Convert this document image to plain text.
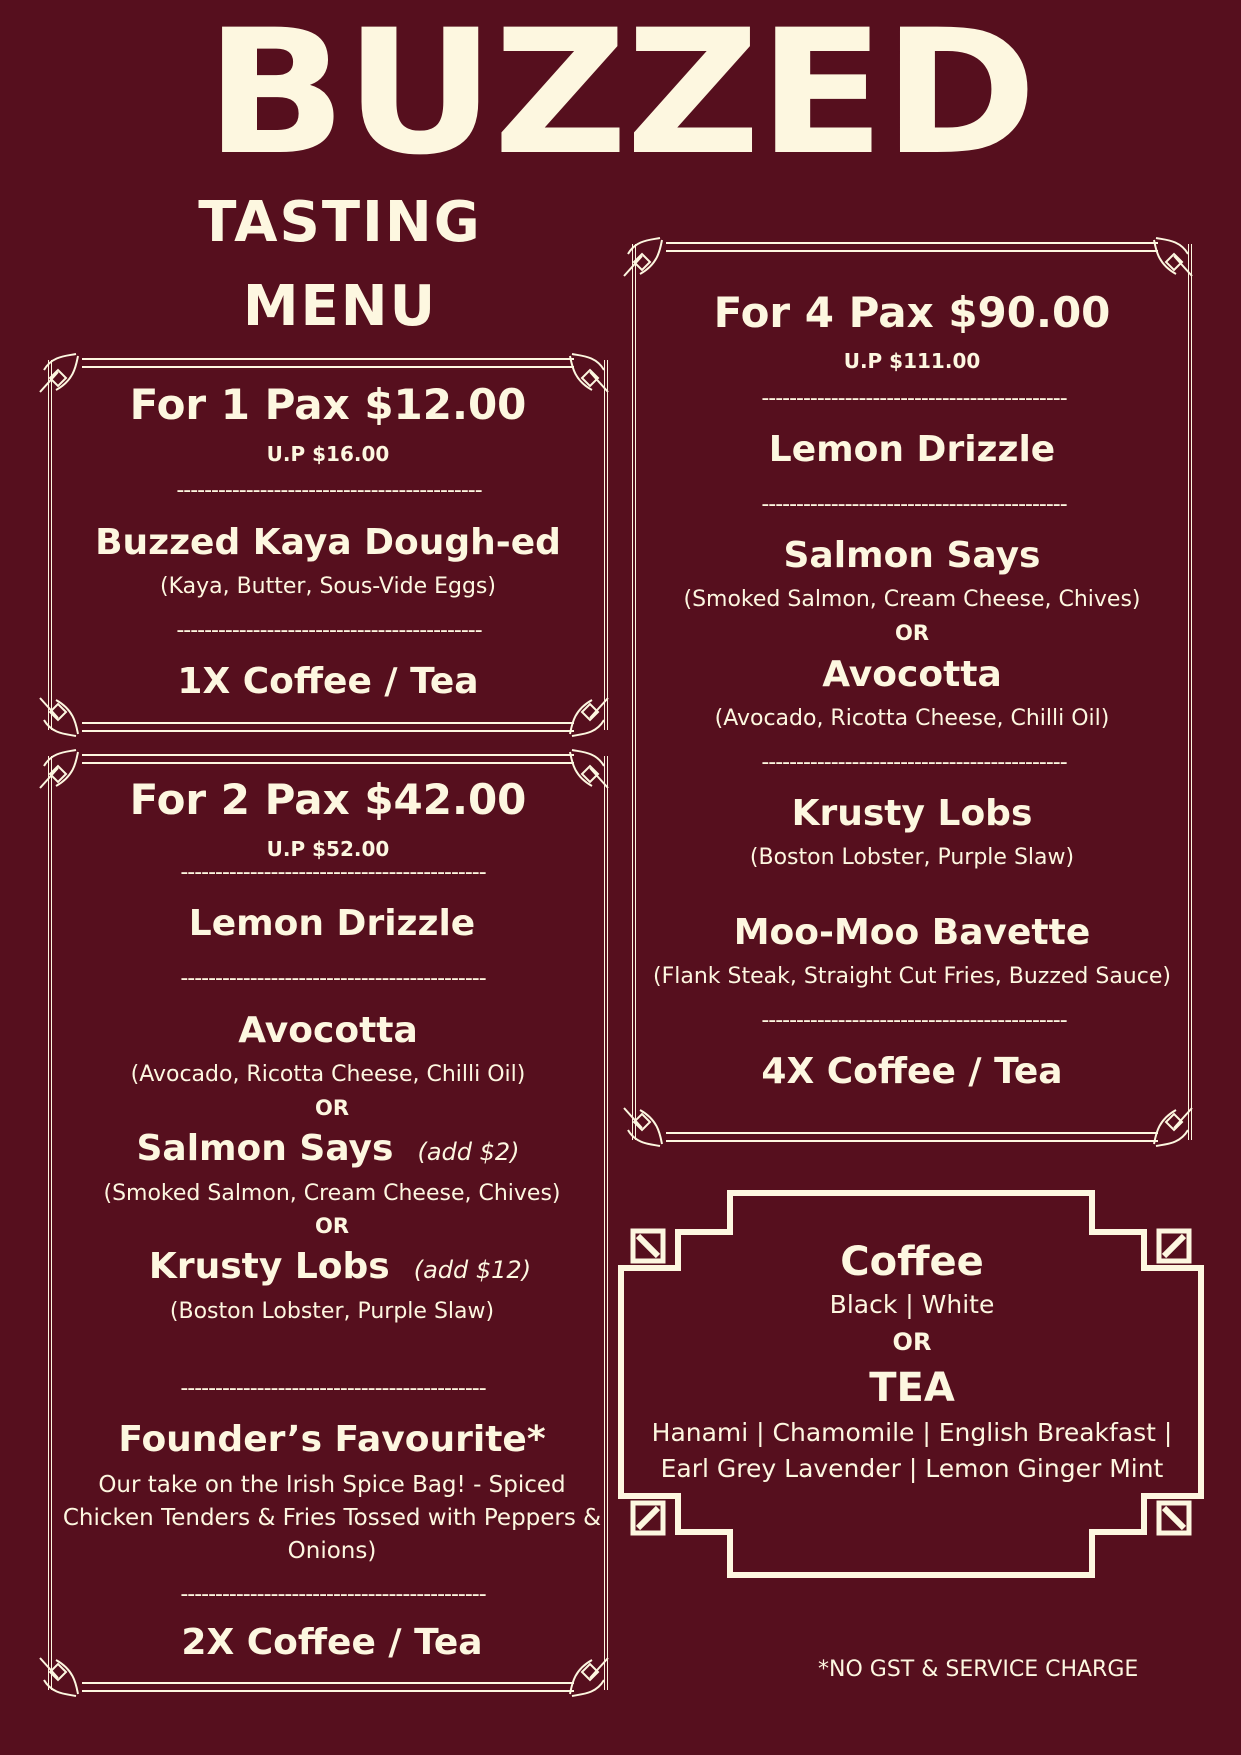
BUZZED
TASTING
MENU
For 1 Pax $12.00
U.P $16.00
--------------------------------------------
Buzzed Kaya Dough-ed
(Kaya, Butter, Sous-Vide Eggs)
--------------------------------------------
1X Coffee / Tea
For 2 Pax $42.00
U.P $52.00
--------------------------------------------
Lemon Drizzle
--------------------------------------------
Avocotta
(Avocado, Ricotta Cheese, Chilli Oil)
OR
Salmon Says (add $2)
(Smoked Salmon, Cream Cheese, Chives)
OR
Krusty Lobs (add $12)
(Boston Lobster, Purple Slaw)
--------------------------------------------
Founder’s Favourite*
Our take on the Irish Spice Bag! - Spiced
Chicken Tenders & Fries Tossed with Peppers &
Onions)
--------------------------------------------
2X Coffee / Tea
For 4 Pax $90.00
U.P $111.00
--------------------------------------------
Lemon Drizzle
--------------------------------------------
Salmon Says
(Smoked Salmon, Cream Cheese, Chives)
OR
Avocotta
(Avocado, Ricotta Cheese, Chilli Oil)
--------------------------------------------
Krusty Lobs
(Boston Lobster, Purple Slaw)
Moo-Moo Bavette
(Flank Steak, Straight Cut Fries, Buzzed Sauce)
--------------------------------------------
4X Coffee / Tea
Coffee
Black | White
OR
TEA
Hanami | Chamomile | English Breakfast |
Earl Grey Lavender | Lemon Ginger Mint
*NO GST & SERVICE CHARGE
